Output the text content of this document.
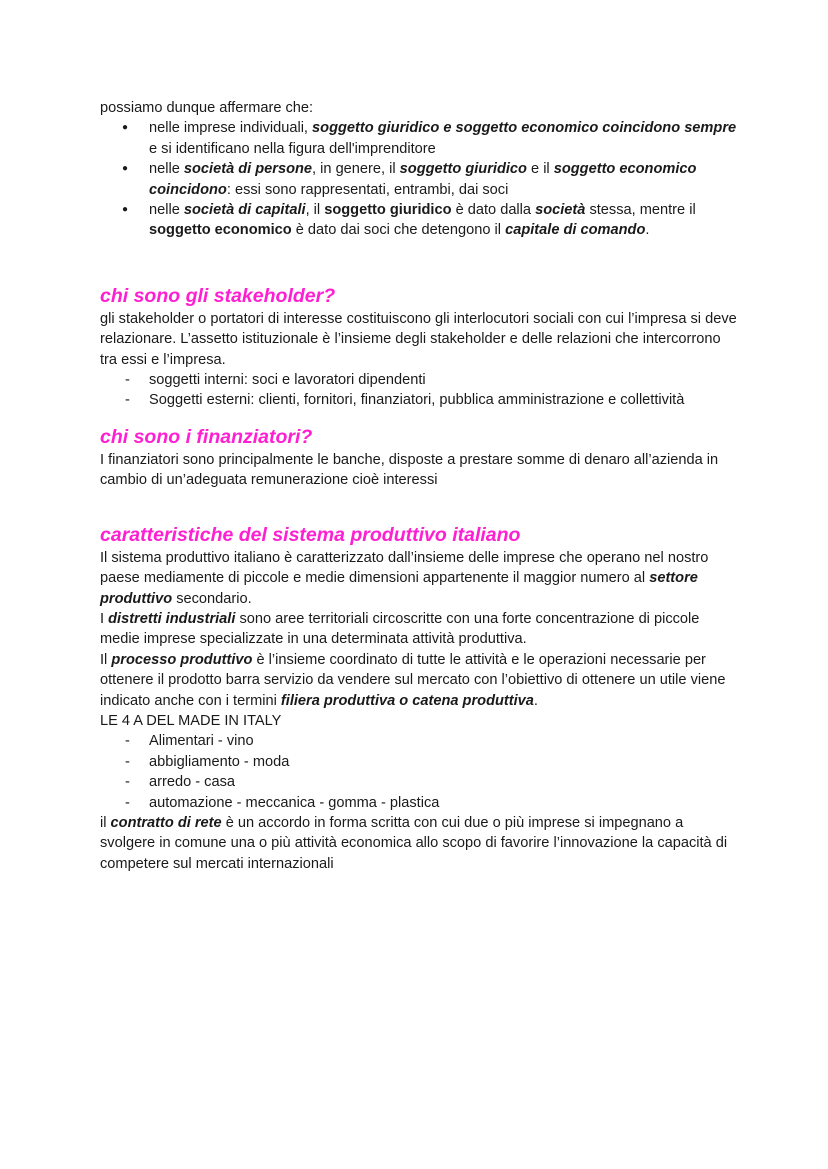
possiamo dunque affermare che:

● nelle imprese individuali, soggetto giuridico e soggetto economico coincidono sempre e si identificano nella figura dell'imprenditore
● nelle società di persone, in genere, il soggetto giuridico e il soggetto economico coincidono: essi sono rappresentati, entrambi, dai soci
● nelle società di capitali, il soggetto giuridico è dato dalla società stessa, mentre il soggetto economico è dato dai soci che detengono il capitale di comando.
chi sono gli stakeholder?

gli stakeholder o portatori di interesse costituiscono gli interlocutori sociali con cui l’impresa si deve relazionare. L’assetto istituzionale è l’insieme degli stakeholder e delle relazioni che intercorrono tra essi e l’impresa.

- soggetti interni: soci e lavoratori dipendenti
- Soggetti esterni: clienti, fornitori, finanziatori, pubblica amministrazione e collettività
chi sono i finanziatori?

I finanziatori sono principalmente le banche, disposte a prestare somme di denaro all’azienda in cambio di un’adeguata remunerazione cioè interessi

caratteristiche del sistema produttivo italiano

Il sistema produttivo italiano è caratterizzato dall’insieme delle imprese che operano nel nostro paese mediamente di piccole e medie dimensioni appartenente il maggior numero al settore produttivo secondario.

I distretti industriali sono aree territoriali circoscritte con una forte concentrazione di piccole medie imprese specializzate in una determinata attività produttiva.

Il processo produttivo è l’insieme coordinato di tutte le attività e le operazioni necessarie per ottenere il prodotto barra servizio da vendere sul mercato con l’obiettivo di ottenere un utile viene indicato anche con i termini filiera produttiva o catena produttiva.

LE 4 A DEL MADE IN ITALY

- Alimentari - vino
- abbigliamento - moda
- arredo - casa
- automazione - meccanica - gomma - plastica

il contratto di rete è un accordo in forma scritta con cui due o più imprese si impegnano a svolgere in comune una o più attività economica allo scopo di favorire l’innovazione la capacità di competere sul mercati internazionali
